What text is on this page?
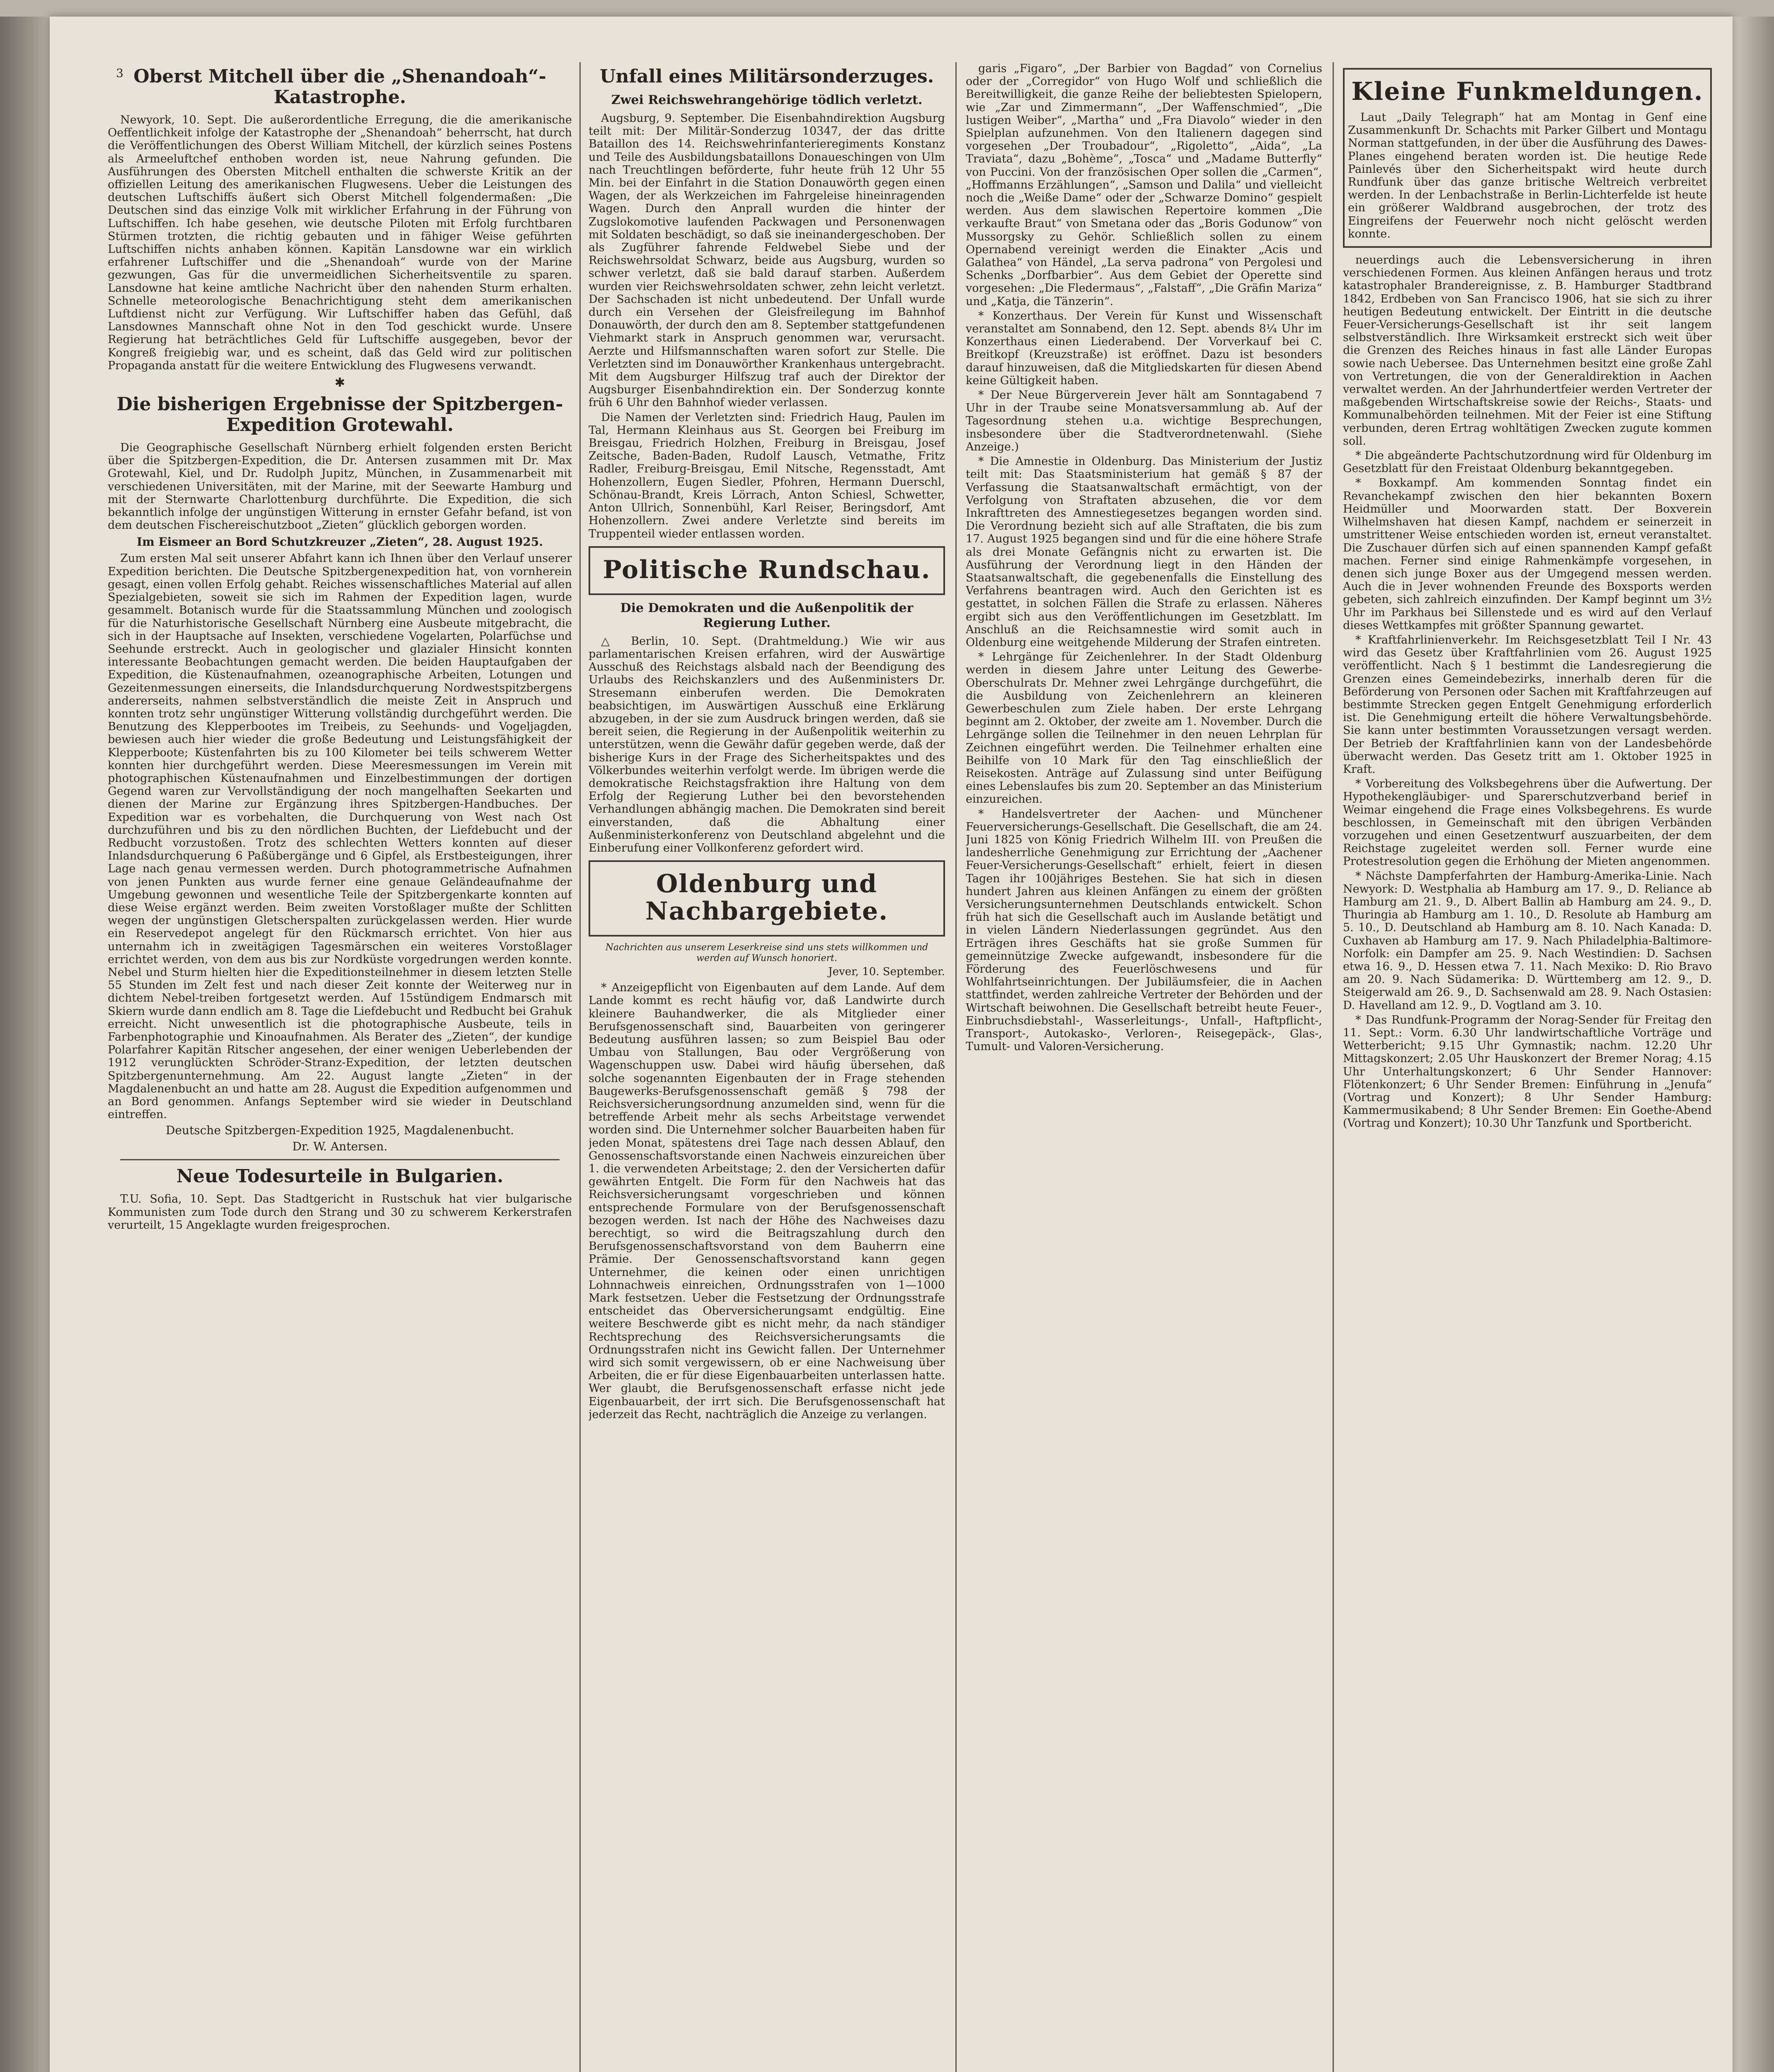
3 Oberst Mitchell über die „Shenandoah“-Katastrophe.

Newyork, 10. Sept. Die außerordentliche Erregung, die die amerikanische Oeffentlichkeit infolge der Katastrophe der „Shenandoah“ beherrscht, hat durch die Veröffentlichungen des Oberst William Mitchell, der kürzlich seines Postens als Armeeluftchef enthoben worden ist, neue Nahrung gefunden. Die Ausführungen des Obersten Mitchell enthalten die schwerste Kritik an der offiziellen Leitung des amerikanischen Flugwesens. Ueber die Leistungen des deutschen Luftschiffs äußert sich Oberst Mitchell folgendermaßen: „Die Deutschen sind das einzige Volk mit wirklicher Erfahrung in der Führung von Luftschiffen. Ich habe gesehen, wie deutsche Piloten mit Erfolg furchtbaren Stürmen trotzten, die richtig gebauten und in fähiger Weise geführten Luftschiffen nichts anhaben können. Kapitän Lansdowne war ein wirklich erfahrener Luftschiffer und die „Shenandoah“ wurde von der Marine gezwungen, Gas für die unvermeidlichen Sicherheitsventile zu sparen. Lansdowne hat keine amtliche Nachricht über den nahenden Sturm erhalten. Schnelle meteorologische Benachrichtigung steht dem amerikanischen Luftdienst nicht zur Verfügung. Wir Luftschiffer haben das Gefühl, daß Lansdownes Mannschaft ohne Not in den Tod geschickt wurde. Unsere Regierung hat beträchtliches Geld für Luftschiffe ausgegeben, bevor der Kongreß freigiebig war, und es scheint, daß das Geld wird zur politischen Propaganda anstatt für die weitere Entwicklung des Flugwesens verwandt.

✱
Die bisherigen Ergebnisse der Spitzbergen-Expedition Grotewahl.

Die Geographische Gesellschaft Nürnberg erhielt folgenden ersten Bericht über die Spitzbergen-Expedition, die Dr. Antersen zusammen mit Dr. Max Grotewahl, Kiel, und Dr. Rudolph Jupitz, München, in Zusammenarbeit mit verschiedenen Universitäten, mit der Marine, mit der Seewarte Hamburg und mit der Sternwarte Charlottenburg durchführte. Die Expedition, die sich bekanntlich infolge der ungünstigen Witterung in ernster Gefahr befand, ist von dem deutschen Fischereischutzboot „Zieten“ glücklich geborgen worden.

Im Eismeer an Bord Schutzkreuzer „Zieten“, 28. August 1925.

Zum ersten Mal seit unserer Abfahrt kann ich Ihnen über den Verlauf unserer Expedition berichten. Die Deutsche Spitzbergenexpedition hat, von vornherein gesagt, einen vollen Erfolg gehabt. Reiches wissenschaftliches Material auf allen Spezialgebieten, soweit sie sich im Rahmen der Expedition lagen, wurde gesammelt. Botanisch wurde für die Staatssammlung München und zoologisch für die Naturhistorische Gesellschaft Nürnberg eine Ausbeute mitgebracht, die sich in der Hauptsache auf Insekten, verschiedene Vogelarten, Polarfüchse und Seehunde erstreckt. Auch in geologischer und glazialer Hinsicht konnten interessante Beobachtungen gemacht werden. Die beiden Hauptaufgaben der Expedition, die Küstenaufnahmen, ozeanographische Arbeiten, Lotungen und Gezeitenmessungen einerseits, die Inlandsdurchquerung Nordwestspitzbergens andererseits, nahmen selbstverständlich die meiste Zeit in Anspruch und konnten trotz sehr ungünstiger Witterung vollständig durchgeführt werden. Die Benutzung des Klepperbootes im Treibeis, zu Seehunds- und Vogeljagden, bewiesen auch hier wieder die große Bedeutung und Leistungsfähigkeit der Klepperboote; Küstenfahrten bis zu 100 Kilometer bei teils schwerem Wetter konnten hier durchgeführt werden. Diese Meeresmessungen im Verein mit photographischen Küstenaufnahmen und Einzelbestimmungen der dortigen Gegend waren zur Vervollständigung der noch mangelhaften Seekarten und dienen der Marine zur Ergänzung ihres Spitzbergen-Handbuches. Der Expedition war es vorbehalten, die Durchquerung von West nach Ost durchzuführen und bis zu den nördlichen Buchten, der Liefdebucht und der Redbucht vorzustoßen. Trotz des schlechten Wetters konnten auf dieser Inlandsdurchquerung 6 Paßübergänge und 6 Gipfel, als Erstbesteigungen, ihrer Lage nach genau vermessen werden. Durch photogrammetrische Aufnahmen von jenen Punkten aus wurde ferner eine genaue Geländeaufnahme der Umgebung gewonnen und wesentliche Teile der Spitzbergenkarte konnten auf diese Weise ergänzt werden. Beim zweiten Vorstoßlager mußte der Schlitten wegen der ungünstigen Gletscherspalten zurückgelassen werden. Hier wurde ein Reservedepot angelegt für den Rückmarsch errichtet. Von hier aus unternahm ich in zweitägigen Tagesmärschen ein weiteres Vorstoßlager errichtet werden, von dem aus bis zur Nordküste vorgedrungen werden konnte. Nebel und Sturm hielten hier die Expeditionsteilnehmer in diesem letzten Stelle 55 Stunden im Zelt fest und nach dieser Zeit konnte der Weiterweg nur in dichtem Nebel-treiben fortgesetzt werden. Auf 15stündigem Endmarsch mit Skiern wurde dann endlich am 8. Tage die Liefdebucht und Redbucht bei Grahuk erreicht. Nicht unwesentlich ist die photographische Ausbeute, teils in Farbenphotographie und Kinoaufnahmen. Als Berater des „Zieten“, der kundige Polarfahrer Kapitän Ritscher angesehen, der einer wenigen Ueberlebenden der 1912 verunglückten Schröder-Stranz-Expedition, der letzten deutschen Spitzbergenunternehmung. Am 22. August langte „Zieten“ in der Magdalenenbucht an und hatte am 28. August die Expedition aufgenommen und an Bord genommen. Anfangs September wird sie wieder in Deutschland eintreffen.

Deutsche Spitzbergen-Expedition 1925, Magdalenenbucht.
Dr. W. Antersen.
Neue Todesurteile in Bulgarien.

T.U. Sofia, 10. Sept. Das Stadtgericht in Rustschuk hat vier bulgarische Kommunisten zum Tode durch den Strang und 30 zu schwerem Kerkerstrafen verurteilt, 15 Angeklagte wurden freigesprochen.

Unfall eines Militärsonderzuges.
Zwei Reichswehrangehörige tödlich verletzt.

Augsburg, 9. September. Die Eisenbahndirektion Augsburg teilt mit: Der Militär-Sonderzug 10347, der das dritte Bataillon des 14. Reichswehrinfanterieregiments Konstanz und Teile des Ausbildungsbataillons Donaueschingen von Ulm nach Treuchtlingen beförderte, fuhr heute früh 12 Uhr 55 Min. bei der Einfahrt in die Station Donauwörth gegen einen Wagen, der als Werkzeichen im Fahrgeleise hineinragenden Wagen. Durch den Anprall wurden die hinter der Zugslokomotive laufenden Packwagen und Personenwagen mit Soldaten beschädigt, so daß sie ineinandergeschoben. Der als Zugführer fahrende Feldwebel Siebe und der Reichswehrsoldat Schwarz, beide aus Augsburg, wurden so schwer verletzt, daß sie bald darauf starben. Außerdem wurden vier Reichswehrsoldaten schwer, zehn leicht verletzt. Der Sachschaden ist nicht unbedeutend. Der Unfall wurde durch ein Versehen der Gleisfreilegung im Bahnhof Donauwörth, der durch den am 8. September stattgefundenen Viehmarkt stark in Anspruch genommen war, verursacht. Aerzte und Hilfsmannschaften waren sofort zur Stelle. Die Verletzten sind im Donauwörther Krankenhaus untergebracht. Mit dem Augsburger Hilfszug traf auch der Direktor der Augsburger Eisenbahndirektion ein. Der Sonderzug konnte früh 6 Uhr den Bahnhof wieder verlassen.

Die Namen der Verletzten sind: Friedrich Haug, Paulen im Tal, Hermann Kleinhaus aus St. Georgen bei Freiburg im Breisgau, Friedrich Holzhen, Freiburg in Breisgau, Josef Zeitsche, Baden-Baden, Rudolf Lausch, Vetmathe, Fritz Radler, Freiburg-Breisgau, Emil Nitsche, Regensstadt, Amt Hohenzollern, Eugen Siedler, Pfohren, Hermann Duerschl, Schönau-Brandt, Kreis Lörrach, Anton Schiesl, Schwetter, Anton Ullrich, Sonnenbühl, Karl Reiser, Beringsdorf, Amt Hohenzollern. Zwei andere Verletzte sind bereits im Truppenteil wieder entlassen worden.

Politische Rundschau.
Die Demokraten und die Außenpolitik der Regierung Luther.

△ Berlin, 10. Sept. (Drahtmeldung.) Wie wir aus parlamentarischen Kreisen erfahren, wird der Auswärtige Ausschuß des Reichstags alsbald nach der Beendigung des Urlaubs des Reichskanzlers und des Außenministers Dr. Stresemann einberufen werden. Die Demokraten beabsichtigen, im Auswärtigen Ausschuß eine Erklärung abzugeben, in der sie zum Ausdruck bringen werden, daß sie bereit seien, die Regierung in der Außenpolitik weiterhin zu unterstützen, wenn die Gewähr dafür gegeben werde, daß der bisherige Kurs in der Frage des Sicherheitspaktes und des Völkerbundes weiterhin verfolgt werde. Im übrigen werde die demokratische Reichstagsfraktion ihre Haltung von dem Erfolg der Regierung Luther bei den bevorstehenden Verhandlungen abhängig machen. Die Demokraten sind bereit einverstanden, daß die Abhaltung einer Außenministerkonferenz von Deutschland abgelehnt und die Einberufung einer Vollkonferenz gefordert wird.

Oldenburg und Nachbargebiete.

Nachrichten aus unserem Leserkreise sind uns stets willkommen und werden auf Wunsch honoriert.

Jever, 10. September.

* Anzeigepflicht von Eigenbauten auf dem Lande. Auf dem Lande kommt es recht häufig vor, daß Landwirte durch kleinere Bauhandwerker, die als Mitglieder einer Berufsgenossenschaft sind, Bauarbeiten von geringerer Bedeutung ausführen lassen; so zum Beispiel Bau oder Umbau von Stallungen, Bau oder Vergrößerung von Wagenschuppen usw. Dabei wird häufig übersehen, daß solche sogenannten Eigenbauten der in Frage stehenden Baugewerks-Berufsgenossenschaft gemäß § 798 der Reichsversicherungsordnung anzumelden sind, wenn für die betreffende Arbeit mehr als sechs Arbeitstage verwendet worden sind. Die Unternehmer solcher Bauarbeiten haben für jeden Monat, spätestens drei Tage nach dessen Ablauf, den Genossenschaftsvorstande einen Nachweis einzureichen über 1. die verwendeten Arbeitstage; 2. den der Versicherten dafür gewährten Entgelt. Die Form für den Nachweis hat das Reichsversicherungsamt vorgeschrieben und können entsprechende Formulare von der Berufsgenossenschaft bezogen werden. Ist nach der Höhe des Nachweises dazu berechtigt, so wird die Beitragszahlung durch den Berufsgenossenschaftsvorstand von dem Bauherrn eine Prämie. Der Genossenschaftsvorstand kann gegen Unternehmer, die keinen oder einen unrichtigen Lohnnachweis einreichen, Ordnungsstrafen von 1—1000 Mark festsetzen. Ueber die Festsetzung der Ordnungsstrafe entscheidet das Oberversicherungsamt endgültig. Eine weitere Beschwerde gibt es nicht mehr, da nach ständiger Rechtsprechung des Reichsversicherungsamts die Ordnungsstrafen nicht ins Gewicht fallen. Der Unternehmer wird sich somit vergewissern, ob er eine Nachweisung über Arbeiten, die er für diese Eigenbauarbeiten unterlassen hatte. Wer glaubt, die Berufsgenossenschaft erfasse nicht jede Eigenbauarbeit, der irrt sich. Die Berufsgenossenschaft hat jederzeit das Recht, nachträglich die Anzeige zu verlangen.

garis „Figaro“, „Der Barbier von Bagdad“ von Cornelius oder der „Corregidor“ von Hugo Wolf und schließlich die Bereitwilligkeit, die ganze Reihe der beliebtesten Spielopern, wie „Zar und Zimmermann“, „Der Waffenschmied“, „Die lustigen Weiber“, „Martha“ und „Fra Diavolo“ wieder in den Spielplan aufzunehmen. Von den Italienern dagegen sind vorgesehen „Der Troubadour“, „Rigoletto“, „Aida“, „La Traviata“, dazu „Bohème“, „Tosca“ und „Madame Butterfly“ von Puccini. Von der französischen Oper sollen die „Carmen“, „Hoffmanns Erzählungen“, „Samson und Dalila“ und vielleicht noch die „Weiße Dame“ oder der „Schwarze Domino“ gespielt werden. Aus dem slawischen Repertoire kommen „Die verkaufte Braut“ von Smetana oder das „Boris Godunow“ von Mussorgsky zu Gehör. Schließlich sollen zu einem Opernabend vereinigt werden die Einakter „Acis und Galathea“ von Händel, „La serva padrona“ von Pergolesi und Schenks „Dorfbarbier“. Aus dem Gebiet der Operette sind vorgesehen: „Die Fledermaus“, „Falstaff“, „Die Gräfin Mariza“ und „Katja, die Tänzerin“.

* Konzerthaus. Der Verein für Kunst und Wissenschaft veranstaltet am Sonnabend, den 12. Sept. abends 8¼ Uhr im Konzerthaus einen Liederabend. Der Vorverkauf bei C. Breitkopf (Kreuzstraße) ist eröffnet. Dazu ist besonders darauf hinzuweisen, daß die Mitgliedskarten für diesen Abend keine Gültigkeit haben.

* Der Neue Bürgerverein Jever hält am Sonntagabend 7 Uhr in der Traube seine Monatsversammlung ab. Auf der Tagesordnung stehen u.a. wichtige Besprechungen, insbesondere über die Stadtverordnetenwahl. (Siehe Anzeige.)

* Die Amnestie in Oldenburg. Das Ministerium der Justiz teilt mit: Das Staatsministerium hat gemäß § 87 der Verfassung die Staatsanwaltschaft ermächtigt, von der Verfolgung von Straftaten abzusehen, die vor dem Inkrafttreten des Amnestiegesetzes begangen worden sind. Die Verordnung bezieht sich auf alle Straftaten, die bis zum 17. August 1925 begangen sind und für die eine höhere Strafe als drei Monate Gefängnis nicht zu erwarten ist. Die Ausführung der Verordnung liegt in den Händen der Staatsanwaltschaft, die gegebenenfalls die Einstellung des Verfahrens beantragen wird. Auch den Gerichten ist es gestattet, in solchen Fällen die Strafe zu erlassen. Näheres ergibt sich aus den Veröffentlichungen im Gesetzblatt. Im Anschluß an die Reichsamnestie wird somit auch in Oldenburg eine weitgehende Milderung der Strafen eintreten.

* Lehrgänge für Zeichenlehrer. In der Stadt Oldenburg werden in diesem Jahre unter Leitung des Gewerbe-Oberschulrats Dr. Mehner zwei Lehrgänge durchgeführt, die die Ausbildung von Zeichenlehrern an kleineren Gewerbeschulen zum Ziele haben. Der erste Lehrgang beginnt am 2. Oktober, der zweite am 1. November. Durch die Lehrgänge sollen die Teilnehmer in den neuen Lehrplan für Zeichnen eingeführt werden. Die Teilnehmer erhalten eine Beihilfe von 10 Mark für den Tag einschließlich der Reisekosten. Anträge auf Zulassung sind unter Beifügung eines Lebenslaufes bis zum 20. September an das Ministerium einzureichen.

* Handelsvertreter der Aachen- und Münchener Feuerversicherungs-Gesellschaft. Die Gesellschaft, die am 24. Juni 1825 von König Friedrich Wilhelm III. von Preußen die landesherrliche Genehmigung zur Errichtung der „Aachener Feuer-Versicherungs-Gesellschaft“ erhielt, feiert in diesen Tagen ihr 100jähriges Bestehen. Sie hat sich in diesen hundert Jahren aus kleinen Anfängen zu einem der größten Versicherungsunternehmen Deutschlands entwickelt. Schon früh hat sich die Gesellschaft auch im Auslande betätigt und in vielen Ländern Niederlassungen gegründet. Aus den Erträgen ihres Geschäfts hat sie große Summen für gemeinnützige Zwecke aufgewandt, insbesondere für die Förderung des Feuerlöschwesens und für Wohlfahrtseinrichtungen. Der Jubiläumsfeier, die in Aachen stattfindet, werden zahlreiche Vertreter der Behörden und der Wirtschaft beiwohnen. Die Gesellschaft betreibt heute Feuer-, Einbruchsdiebstahl-, Wasserleitungs-, Unfall-, Haftpflicht-, Transport-, Autokasko-, Verloren-, Reisegepäck-, Glas-, Tumult- und Valoren-Versicherung.

Kleine Funkmeldungen.

Laut „Daily Telegraph“ hat am Montag in Genf eine Zusammenkunft Dr. Schachts mit Parker Gilbert und Montagu Norman stattgefunden, in der über die Ausführung des Dawes-Planes eingehend beraten worden ist. Die heutige Rede Painlevés über den Sicherheitspakt wird heute durch Rundfunk über das ganze britische Weltreich verbreitet werden. In der Lenbachstraße in Berlin-Lichterfelde ist heute ein größerer Waldbrand ausgebrochen, der trotz des Eingreifens der Feuerwehr noch nicht gelöscht werden konnte.

neuerdings auch die Lebensversicherung in ihren verschiedenen Formen. Aus kleinen Anfängen heraus und trotz katastrophaler Brandereignisse, z. B. Hamburger Stadtbrand 1842, Erdbeben von San Francisco 1906, hat sie sich zu ihrer heutigen Bedeutung entwickelt. Der Eintritt in die deutsche Feuer-Versicherungs-Gesellschaft ist ihr seit langem selbstverständlich. Ihre Wirksamkeit erstreckt sich weit über die Grenzen des Reiches hinaus in fast alle Länder Europas sowie nach Uebersee. Das Unternehmen besitzt eine große Zahl von Vertretungen, die von der Generaldirektion in Aachen verwaltet werden. An der Jahrhundertfeier werden Vertreter der maßgebenden Wirtschaftskreise sowie der Reichs-, Staats- und Kommunalbehörden teilnehmen. Mit der Feier ist eine Stiftung verbunden, deren Ertrag wohltätigen Zwecken zugute kommen soll.

* Die abgeänderte Pachtschutzordnung wird für Oldenburg im Gesetzblatt für den Freistaat Oldenburg bekanntgegeben.

* Boxkampf. Am kommenden Sonntag findet ein Revanchekampf zwischen den hier bekannten Boxern Heidmüller und Moorwarden statt. Der Boxverein Wilhelmshaven hat diesen Kampf, nachdem er seinerzeit in umstrittener Weise entschieden worden ist, erneut veranstaltet. Die Zuschauer dürfen sich auf einen spannenden Kampf gefaßt machen. Ferner sind einige Rahmenkämpfe vorgesehen, in denen sich junge Boxer aus der Umgegend messen werden. Auch die in Jever wohnenden Freunde des Boxsports werden gebeten, sich zahlreich einzufinden. Der Kampf beginnt um 3½ Uhr im Parkhaus bei Sillenstede und es wird auf den Verlauf dieses Wettkampfes mit größter Spannung gewartet.

* Kraftfahrlinienverkehr. Im Reichsgesetzblatt Teil I Nr. 43 wird das Gesetz über Kraftfahrlinien vom 26. August 1925 veröffentlicht. Nach § 1 bestimmt die Landesregierung die Grenzen eines Gemeindebezirks, innerhalb deren für die Beförderung von Personen oder Sachen mit Kraftfahrzeugen auf bestimmte Strecken gegen Entgelt Genehmigung erforderlich ist. Die Genehmigung erteilt die höhere Verwaltungsbehörde. Sie kann unter bestimmten Voraussetzungen versagt werden. Der Betrieb der Kraftfahrlinien kann von der Landesbehörde überwacht werden. Das Gesetz tritt am 1. Oktober 1925 in Kraft.

* Vorbereitung des Volksbegehrens über die Aufwertung. Der Hypothekengläubiger- und Sparerschutzverband berief in Weimar eingehend die Frage eines Volksbegehrens. Es wurde beschlossen, in Gemeinschaft mit den übrigen Verbänden vorzugehen und einen Gesetzentwurf auszuarbeiten, der dem Reichstage zugeleitet werden soll. Ferner wurde eine Protestresolution gegen die Erhöhung der Mieten angenommen.

* Nächste Dampferfahrten der Hamburg-Amerika-Linie. Nach Newyork: D. Westphalia ab Hamburg am 17. 9., D. Reliance ab Hamburg am 21. 9., D. Albert Ballin ab Hamburg am 24. 9., D. Thuringia ab Hamburg am 1. 10., D. Resolute ab Hamburg am 5. 10., D. Deutschland ab Hamburg am 8. 10. Nach Kanada: D. Cuxhaven ab Hamburg am 17. 9. Nach Philadelphia-Baltimore-Norfolk: ein Dampfer am 25. 9. Nach Westindien: D. Sachsen etwa 16. 9., D. Hessen etwa 7. 11. Nach Mexiko: D. Rio Bravo am 20. 9. Nach Südamerika: D. Württemberg am 12. 9., D. Steigerwald am 26. 9., D. Sachsenwald am 28. 9. Nach Ostasien: D. Havelland am 12. 9., D. Vogtland am 3. 10.

* Das Rundfunk-Programm der Norag-Sender für Freitag den 11. Sept.: Vorm. 6.30 Uhr landwirtschaftliche Vorträge und Wetterbericht; 9.15 Uhr Gymnastik; nachm. 12.20 Uhr Mittagskonzert; 2.05 Uhr Hauskonzert der Bremer Norag; 4.15 Uhr Unterhaltungskonzert; 6 Uhr Sender Hannover: Flötenkonzert; 6 Uhr Sender Bremen: Einführung in „Jenufa“ (Vortrag und Konzert); 8 Uhr Sender Hamburg: Kammermusikabend; 8 Uhr Sender Bremen: Ein Goethe-Abend (Vortrag und Konzert); 10.30 Uhr Tanzfunk und Sportbericht.
